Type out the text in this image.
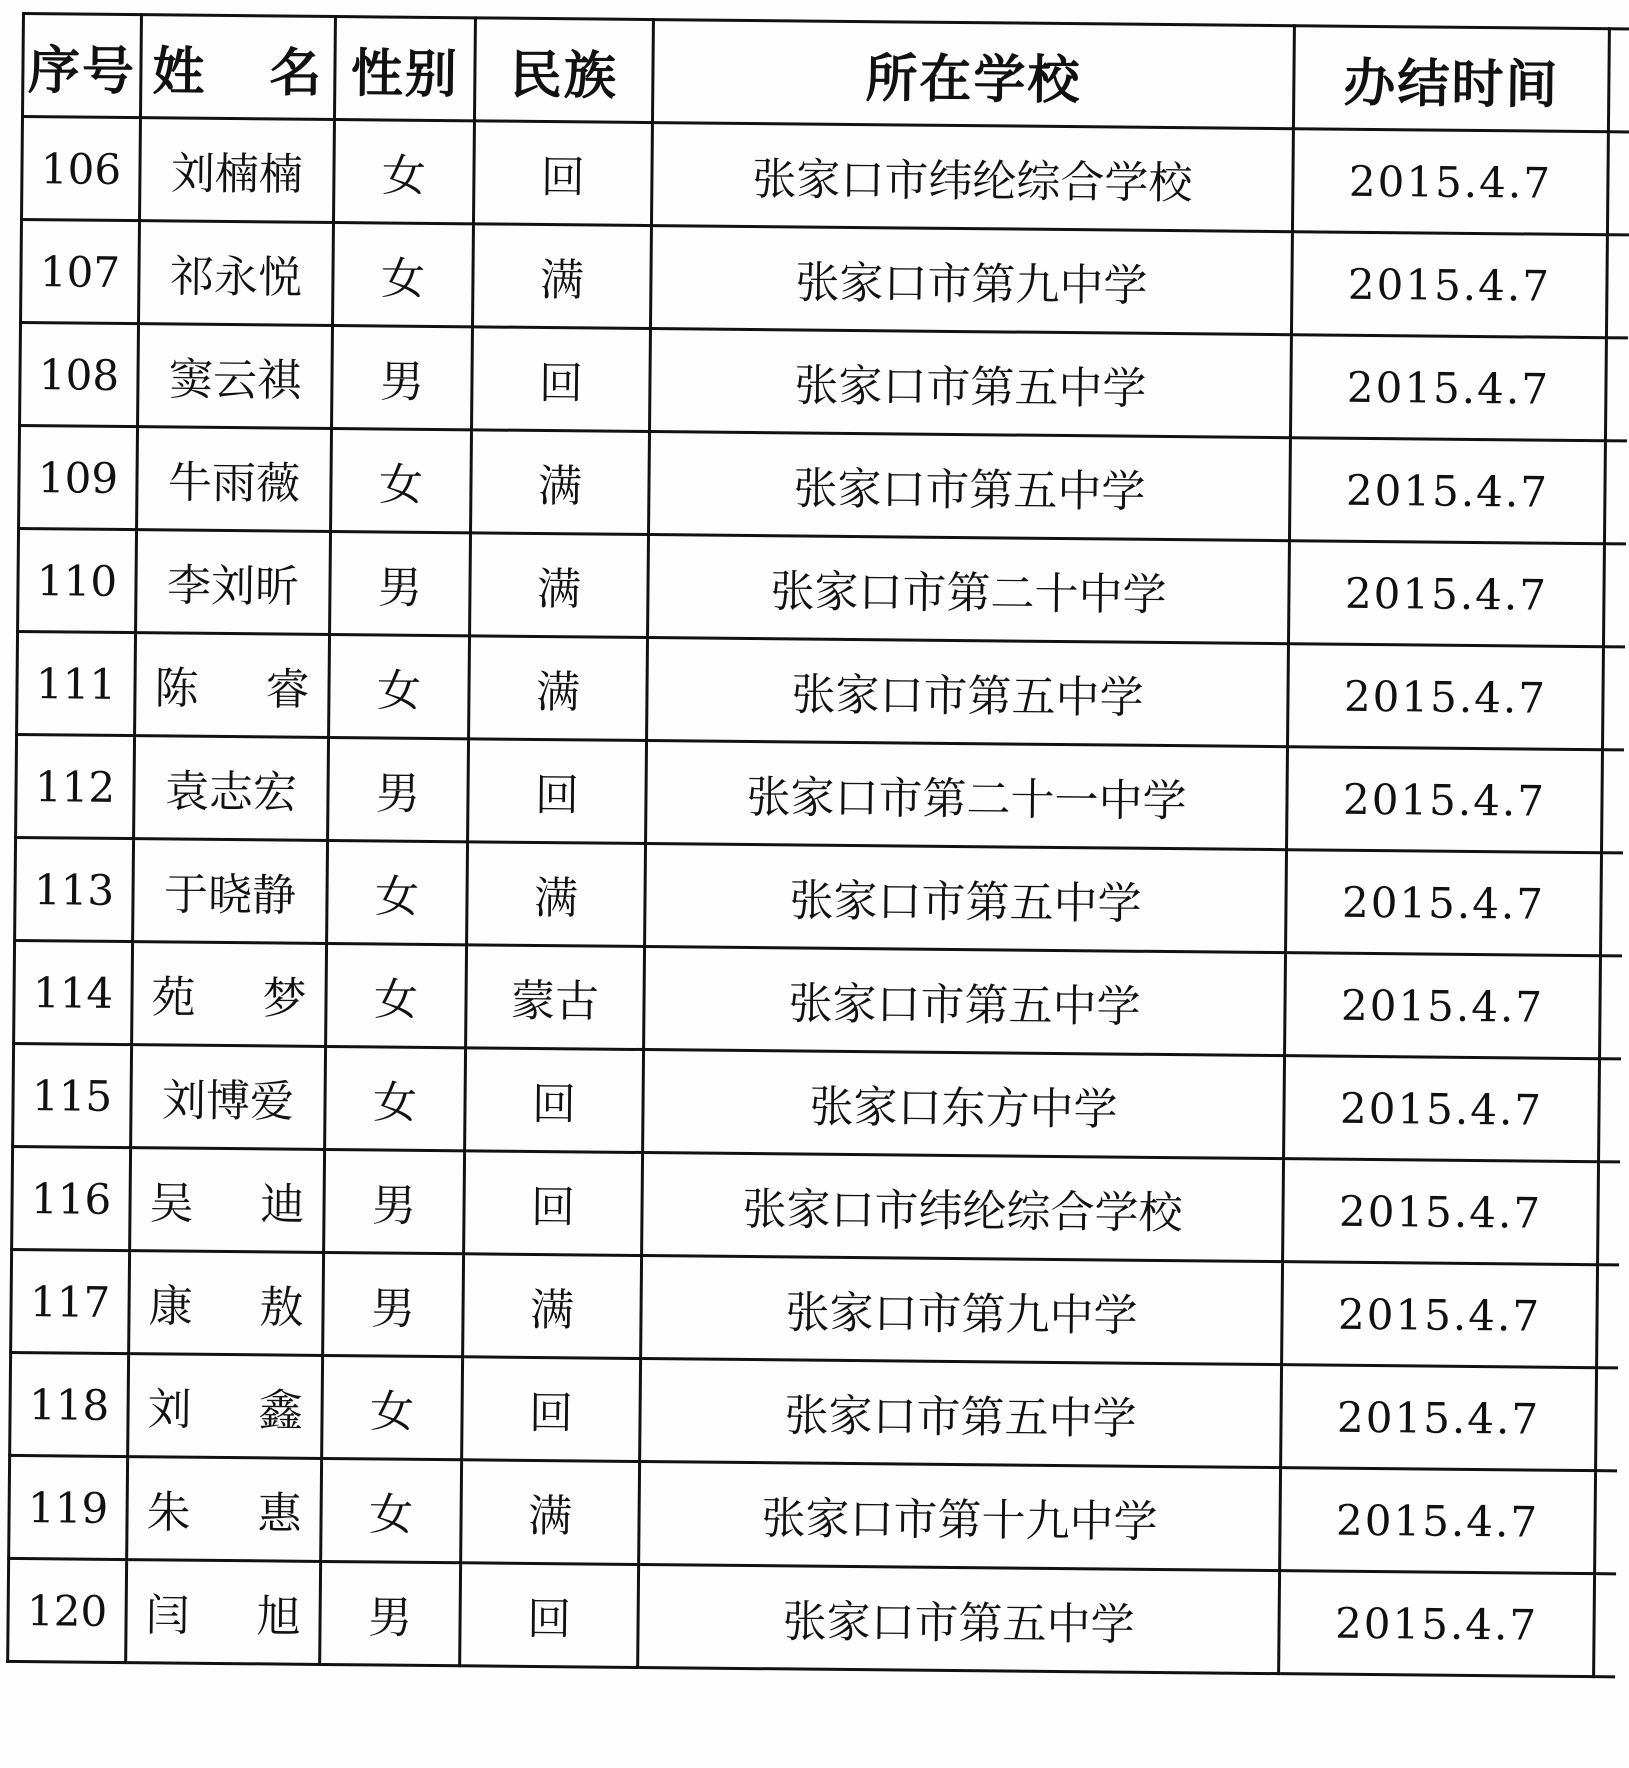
序号	姓 名	性别	民族	所在学校	办结时间	
106	刘楠楠	女	回	张家口市纬纶综合学校	2015.4.7	
107	祁永悦	女	满	张家口市第九中学	2015.4.7	
108	窦云祺	男	回	张家口市第五中学	2015.4.7	
109	牛雨薇	女	满	张家口市第五中学	2015.4.7	
110	李刘昕	男	满	张家口市第二十中学	2015.4.7	
111	陈 睿	女	满	张家口市第五中学	2015.4.7	
112	袁志宏	男	回	张家口市第二十一中学	2015.4.7	
113	于晓静	女	满	张家口市第五中学	2015.4.7	
114	苑 梦	女	蒙古	张家口市第五中学	2015.4.7	
115	刘博爱	女	回	张家口东方中学	2015.4.7	
116	吴 迪	男	回	张家口市纬纶综合学校	2015.4.7	
117	康 敖	男	满	张家口市第九中学	2015.4.7	
118	刘 鑫	女	回	张家口市第五中学	2015.4.7	
119	朱 惠	女	满	张家口市第十九中学	2015.4.7	
120	闫 旭	男	回	张家口市第五中学	2015.4.7	
